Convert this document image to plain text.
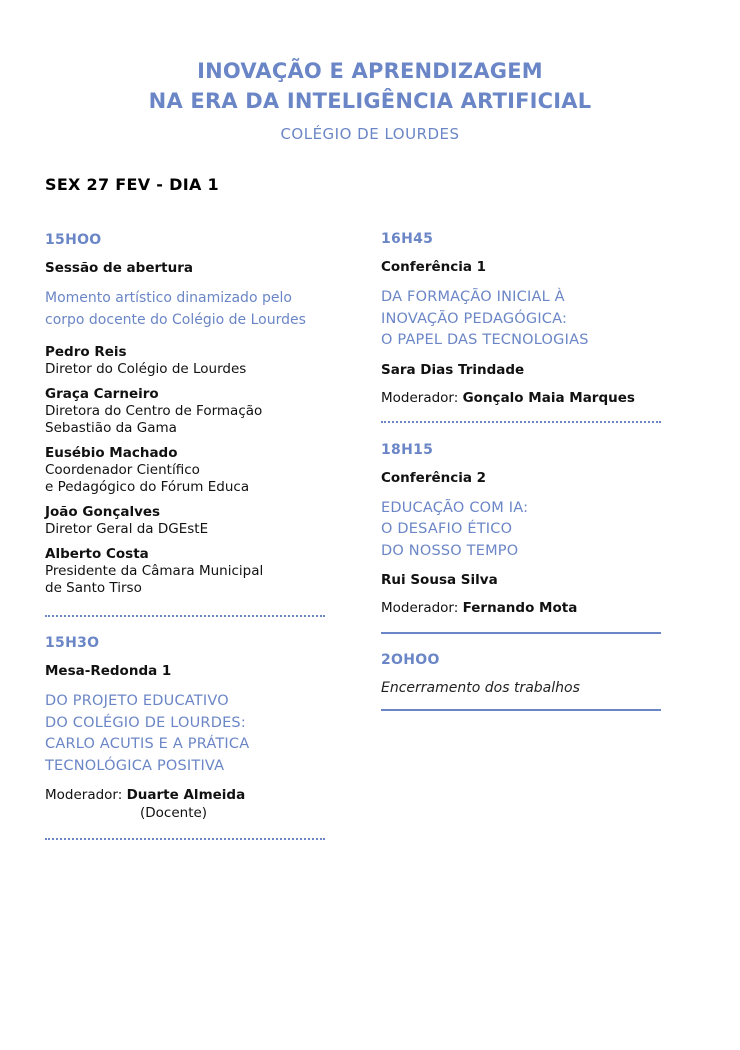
INOVAÇÃO E APRENDIZAGEM
NA ERA DA INTELIGÊNCIA ARTIFICIAL
COLÉGIO DE LOURDES
SEX 27 FEV - DIA 1
15HOO
Sessão de abertura
Momento artístico dinamizado pelo
corpo docente do Colégio de Lourdes
Pedro Reis
Diretor do Colégio de Lourdes
Graça Carneiro
Diretora do Centro de Formação
Sebastião da Gama
Eusébio Machado
Coordenador Científico
e Pedagógico do Fórum Educa
João Gonçalves
Diretor Geral da DGEstE
Alberto Costa
Presidente da Câmara Municipal
de Santo Tirso
15H3O
Mesa-Redonda 1
DO PROJETO EDUCATIVO
DO COLÉGIO DE LOURDES:
CARLO ACUTIS E A PRÁTICA
TECNOLÓGICA POSITIVA
Moderador: Duarte Almeida
(Docente)
16H45
Conferência 1
DA FORMAÇÃO INICIAL À
INOVAÇÃO PEDAGÓGICA:
O PAPEL DAS TECNOLOGIAS
Sara Dias Trindade
Moderador: Gonçalo Maia Marques
18H15
Conferência 2
EDUCAÇÃO COM IA:
O DESAFIO ÉTICO
DO NOSSO TEMPO
Rui Sousa Silva
Moderador: Fernando Mota
2OHOO
Encerramento dos trabalhos
